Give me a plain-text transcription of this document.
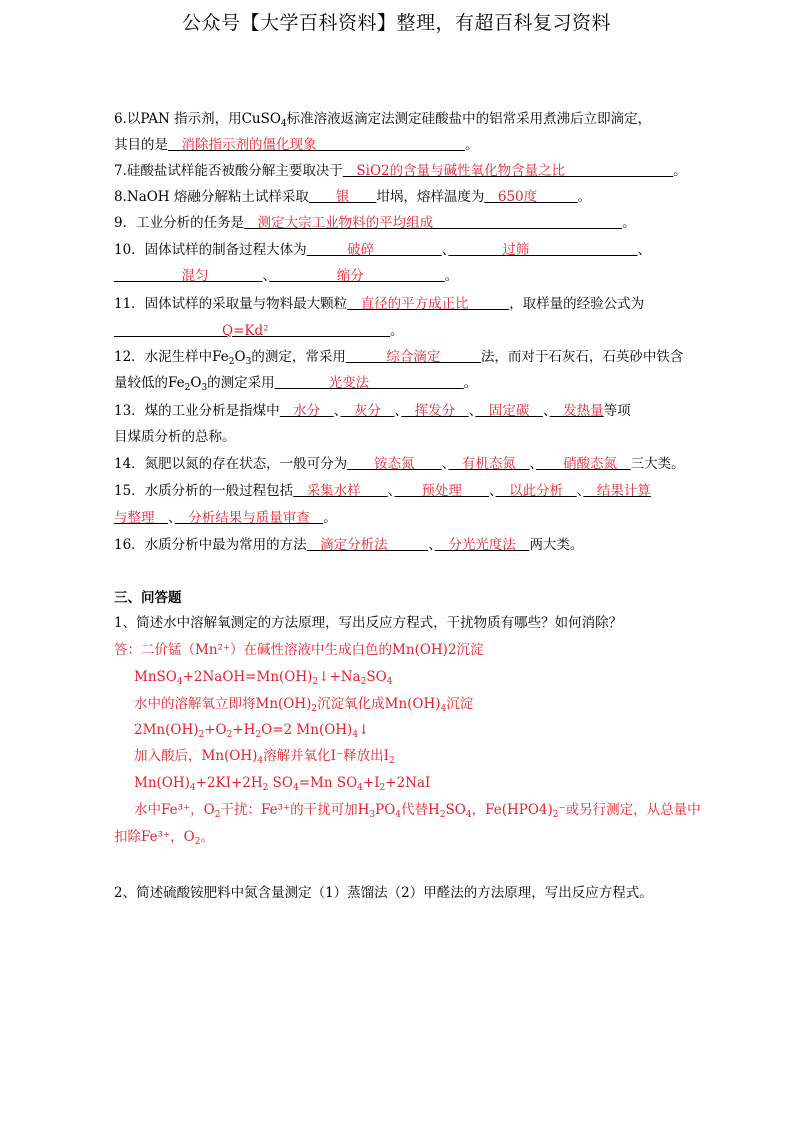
公众号【大学百科资料】整理，有超百科复习资料
6.以PAN 指示剂，用CuSO$_4$标准溶液返滴定法测定硅酸盐中的铝常采用煮沸后立即滴定，
其目的是　消除指示剂的僵化现象　　　　　　　　　　　。
7.硅酸盐试样能否被酸分解主要取决于　SiO2的含量与碱性氧化物含量之比　　　　　　　　。
8.NaOH 熔融分解粘土试样采取　　银　　坩埚，熔样温度为　650度　　　。
9．工业分析的任务是　测定大宗工业物料的平均组成　　　　　　　　　　　　　　。
10．固体试样的制备过程大体为　　　破碎　　　　　、　　　　过筛　　　　　　　　、
　　　　　混匀　　　　、　　　　　缩分　　　　　　。
11．固体试样的采取量与物料最大颗粒　直径的平方成正比　　　，取样量的经验公式为
　　　　　　　　Q=Kd²　　　　　　　　　。
12．水泥生样中$Fe_2O_3$的测定，常采用　　　综合滴定　　　法，而对于石灰石，石英砂中铁含
量较低的$Fe_2O_3$的测定采用　　　　光变法　　　　　　　。
13．煤的工业分析是指煤中　水分　、　灰分　、　挥发分　、　固定碳　、　发热量等项
目煤质分析的总称。
14．氮肥以氮的存在状态，一般可分为　　铵态氮　　、　有机态氮　、　　硝酸态氮　三大类。
15．水质分析的一般过程包括　采集水样　　、　　预处理　　、　以此分析　、　结果计算
与整理　、　分析结果与质量审查　。
16．水质分析中最为常用的方法　滴定分析法　　　、　分光光度法　两大类。
三、问答题
1、简述水中溶解氧测定的方法原理，写出反应方程式，干扰物质有哪些？如何消除？
答：二价锰（Mn²⁺）在碱性溶液中生成白色的Mn(OH)2沉淀
$MnSO_4+2NaOH=Mn(OH)_2↓+Na_2SO_4$
水中的溶解氧立即将$Mn(OH)_2$沉淀氧化成$Mn(OH)_4$沉淀
$2Mn(OH)_2+O_2+H_2O=2$ $Mn(OH)_4↓$
加入酸后，$Mn(OH)_4$溶解并氧化I⁻释放出$I_2$
$Mn(OH)_4+2KI+2H_2$ $SO_4=Mn$ $SO_4+I_2+2NaI$
水中Fe³⁺，$O_2$干扰：Fe³⁺的干扰可加$H_3PO_4$代替$H_2SO_4$，$Fe(HPO4)_2^-$或另行测定，从总量中
扣除Fe³⁺，$O_2$。
2、简述硫酸铵肥料中氮含量测定（1）蒸馏法（2）甲醛法的方法原理，写出反应方程式。
